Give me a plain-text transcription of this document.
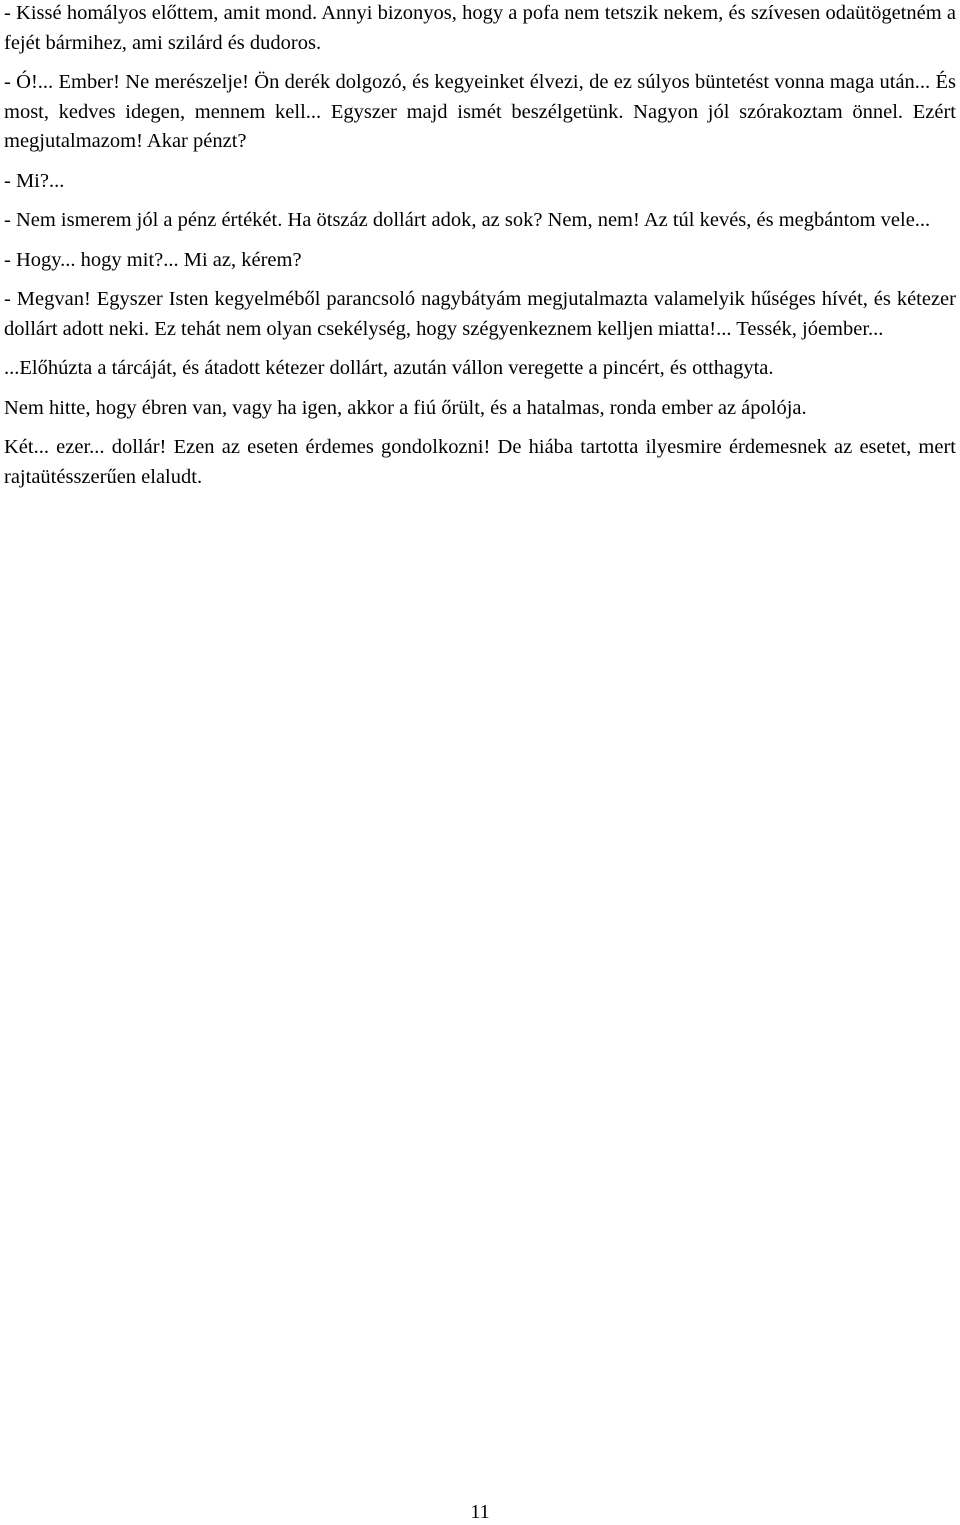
- Kissé homályos előttem, amit mond. Annyi bizonyos, hogy a pofa nem tetszik nekem, és szívesen odaütögetném a fejét bármihez, ami szilárd és dudoros.

- Ó!... Ember! Ne merészelje! Ön derék dolgozó, és kegyeinket élvezi, de ez súlyos büntetést vonna maga után... És most, kedves idegen, mennem kell... Egyszer majd ismét beszélgetünk. Nagyon jól szórakoztam önnel. Ezért megjutalmazom! Akar pénzt?

- Mi?...

- Nem ismerem jól a pénz értékét. Ha ötszáz dollárt adok, az sok? Nem, nem! Az túl kevés, és megbántom vele...

- Hogy... hogy mit?... Mi az, kérem?

- Megvan! Egyszer Isten kegyelméből parancsoló nagybátyám megjutalmazta valamelyik hűséges hívét, és kétezer dollárt adott neki. Ez tehát nem olyan csekélység, hogy szégyenkeznem kelljen miatta!... Tessék, jóember...

...Előhúzta a tárcáját, és átadott kétezer dollárt, azután vállon veregette a pincért, és otthagyta.

Nem hitte, hogy ébren van, vagy ha igen, akkor a fiú őrült, és a hatalmas, ronda ember az ápolója.

Két... ezer... dollár! Ezen az eseten érdemes gondolkozni! De hiába tartotta ilyesmire érdemesnek az esetet, mert rajtaütésszerűen elaludt.

11
